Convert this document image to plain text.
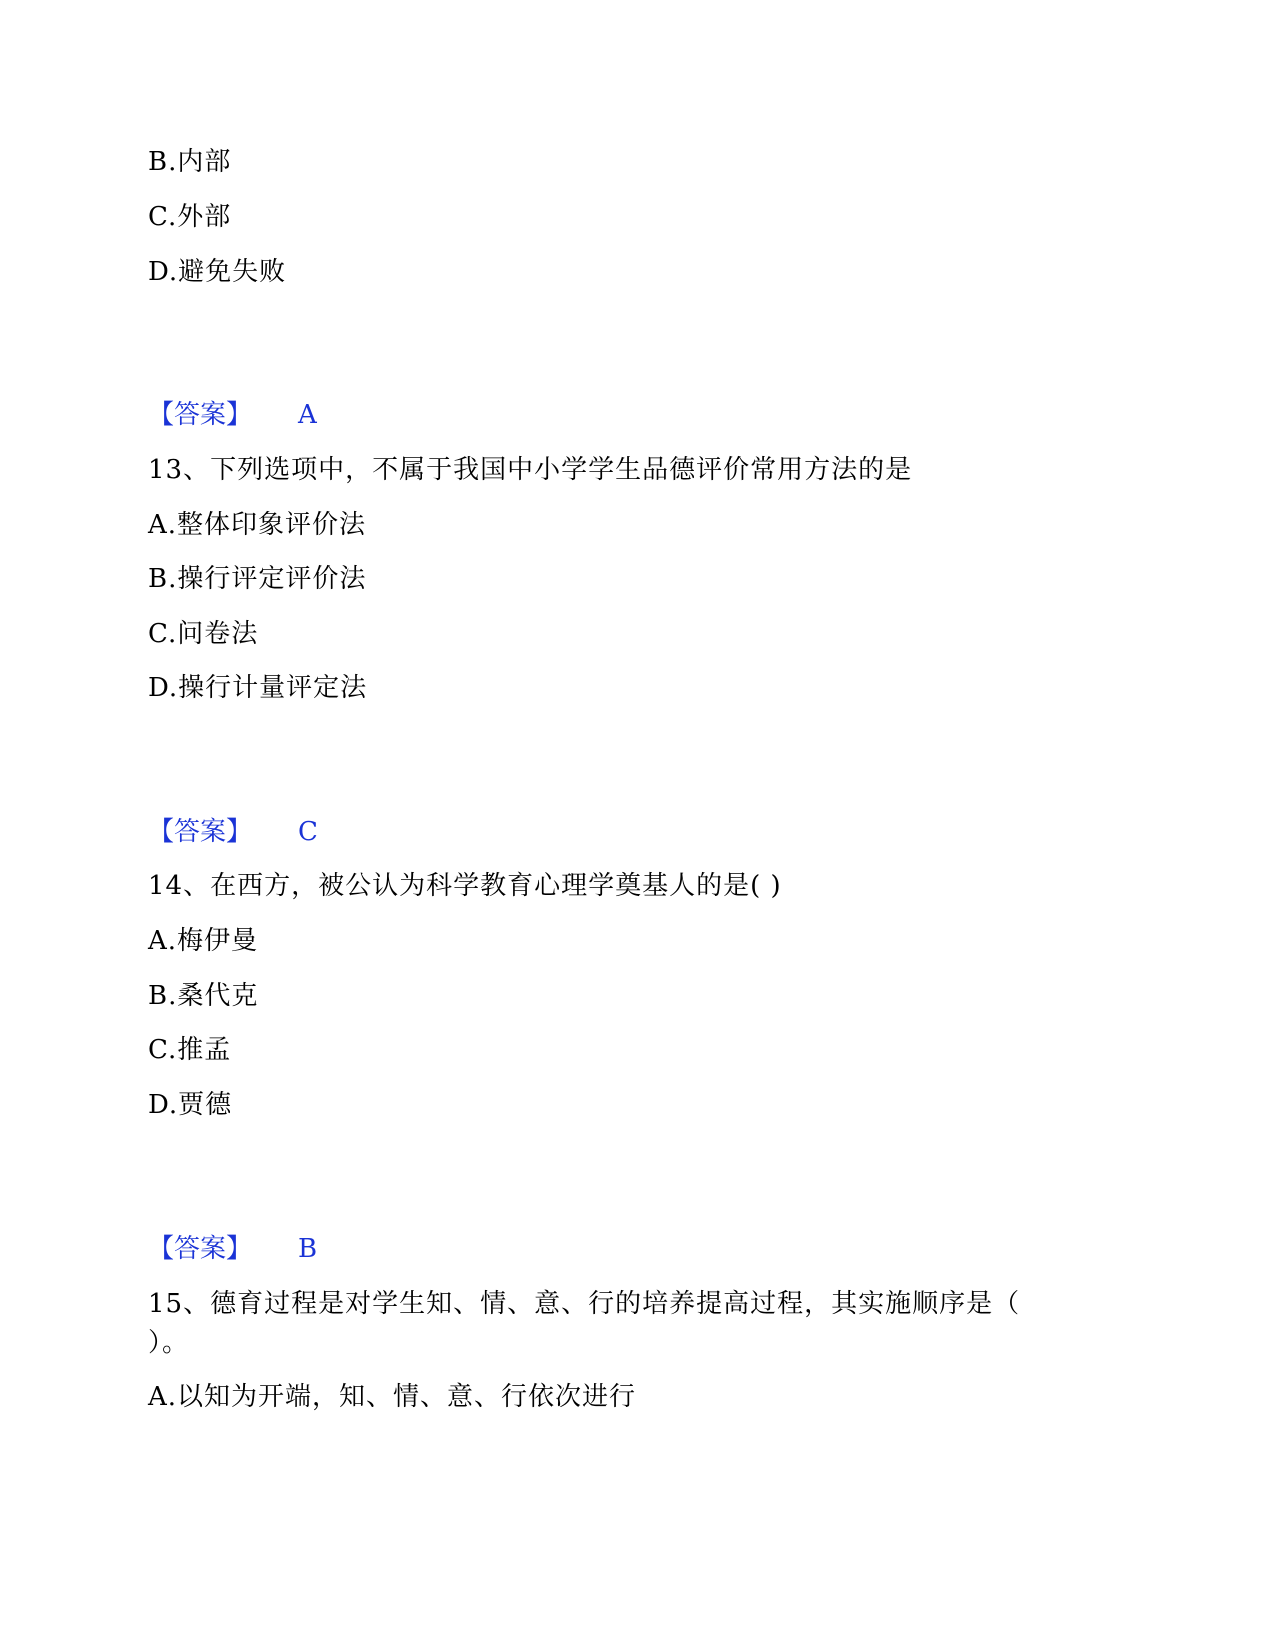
B.内部
C.外部
D.避免失败
【答案】 A
13、下列选项中，不属于我国中小学学生品德评价常用方法的是
A.整体印象评价法
B.操行评定评价法
C.问卷法
D.操行计量评定法
【答案】 C
14、在西方，被公认为科学教育心理学奠基人的是( )
A.梅伊曼
B.桑代克
C.推孟
D.贾德
【答案】 B
15、德育过程是对学生知、情、意、行的培养提高过程，其实施顺序是（
）。
A.以知为开端，知、情、意、行依次进行
